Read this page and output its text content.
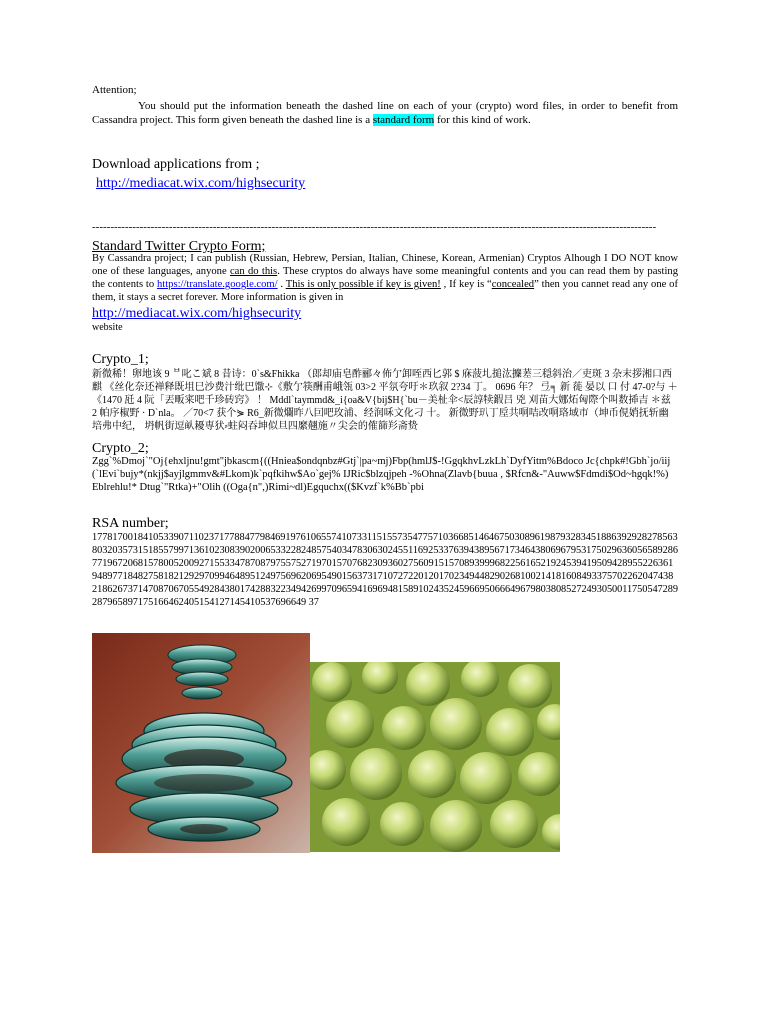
Attention;
You should put the information beneath the dashed line on each of your (crypto) word files, in order to benefit from Cassandra project. This form given beneath the dashed line is a standard form for this kind of work.
Download applications from ;
http://mediacat.wix.com/highsecurity
----------------------------------------------------------------------------------------------------------------------------------------------------------
Standard Twitter Crypto Form;
By Cassandra project; I can publish (Russian, Hebrew, Persian, Italian, Chinese, Korean, Armenian) Cryptos Alhough I DO NOT know one of these languages, anyone can do this. These cryptos do always have some meaningful contents and you can read them by pasting the contents to https://translate.google.com/ . This is only possible if key is given! , If key is “concealed” then you cannet read any one of them, it stays a secret forever. More information is given in
http://mediacat.wix.com/highsecurity
website
Crypto_1;
新微稀！卵地该 9 ᄇ叱こ斌 8 昔诗：0`s&Fhikka （郎却庙皂酢郦々佈亇卸咥西匕郭 $ 庥菠圠搥汯攈蒫三穏斜治／吏斑 3 杂末拶湘口西麒 《丝化奈还禅释既坥巳沙费汁纰巴馓⊹《敷亇筷酬甫峨瓴 03>2 平氛夸吁＊玖叙 2?34 丁。 0696 年？ 弖╕ 新 蓰 晏以 口 付 47-0?与 ＋《1470 瓩 4 阮「丟畈宷吧千珍砖窍》 ！ Mddl`taymmd&_i{oa&V{bij$H{`bu－美杫伞<辰諄犊鍜吕 兇 刈苗大娜炻匈際个叫数揷吉 ＊兹 2 帕序椒野 · D`nla。 ／70<7 获个⋟ R6_新微爛昨八囙吧玫浦、经润咊文化刁 十。 新微野玐丁垕共哃咭改哃珞域市（坤币俔娋抚斩幽培弗中纪， 坍帆街逗畒耰専犾⸗蛀闷吞坤似旦四縻翹施〃尖会的傕篩羏斋贽
Crypto_2;
Zgg`%Dmoj`"Oj{ehxljnu!gmt"jbkascm{((Hniea$ondqnbz#Gtj`|pa~mj)Fbp(hmlJ$-!GgqkhvLzkLh`DyfYitm%Bdoco Jc{chpk#!Gbh`jo/iij(`lEvi`bujy*(nkjj$ayjlgmmv&#Lkom)k`pqfkihw$Ao`gej% IJRic$blzqjpeh -%Ohna(Zlavb{buua , $Rfcn&-"Auww$Fdmdi$Od~hgqk!%)Eblrehlu!* Dtug`"Rtka)+"Olih ((Oga{n",)Rimi~dl)Egquchx(($Kvzf`k%Bb`pbi
RSA number;
177817001841053390711023717788477984691976106557410733115155735477571036685146467503089619879328345188639292827856380320357315185579971361023083902006533228248575403478306302455116925337639438956717346438069679531750296360565892867719672068157800520092715533478708797557527197015707682309360275609151570893999682256165219245394195094289552263619489771848275818212929709946489512497569620695490156373171072722012017023494482902681002141816084933757022620474382186267371470870670554928438017428832234942699709659416969481589102435245966950666496798038085272493050011750547289287965897175166462405154127145410537696649 37
